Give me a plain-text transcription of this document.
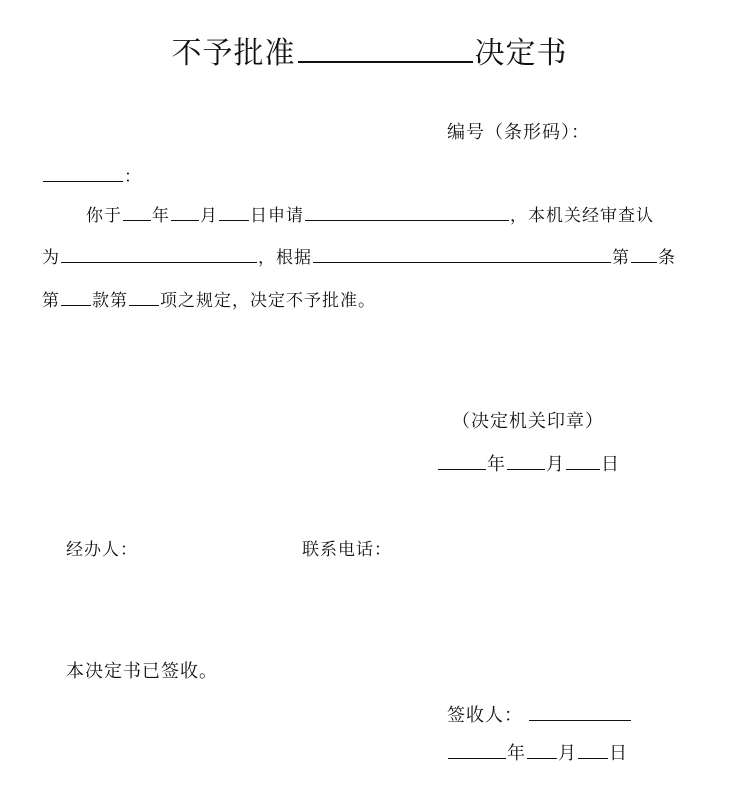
不予批准	决定书
编号（条形码）：
：
你于 年 月 日申请	，本机关经审查认
为	，根据	第 条
第 款第 项之规定，决定不予批准。
（决定机关印章）
年 月 日
经办人：	联系电话：
本决定书已签收。
签收人：
年 月 日
